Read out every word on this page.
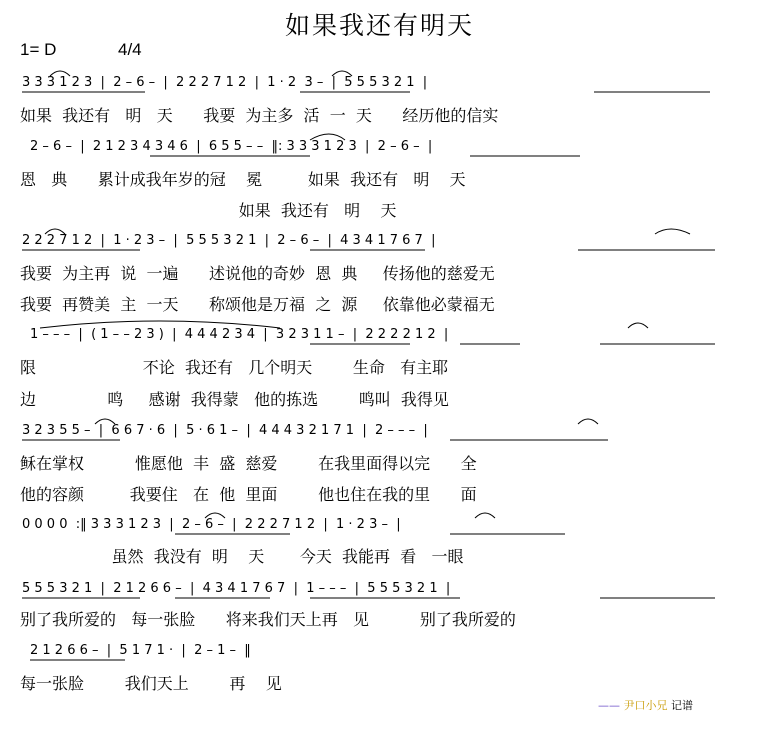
如果我还有明天
1= D	4/4
3 3 3 1 2 3  |  2 – 6 –  |  2 2 2 7 1 2  |  1 · 2  3 –  |  5 5 5 3 2 1  |
2 – 6 –  |  2 1 2 3 4 3 4 6  |  6 5 5 – –  ‖: 3 3 3 1 2 3  |  2 – 6 –  |
2 2 2 7 1 2  |  1 · 2 3 –  |  5 5 5 3 2 1  |  2 – 6 –  |  4 3 4 1 7 6 7  |
1 – – –  |  ( 1 – – 2 3 )  |  4 4 4 2 3 4  |  3 2 3 1 1 –  |  2 2 2 2 1 2  |
3 2 3 5 5 –  |  6 6 7 · 6  |  5 · 6 1 –  |  4 4 4 3 2 1 7 1  |  2 – – –  |
0 0 0 0  :‖ 3 3 3 1 2 3  |  2 – 6 –  |  2 2 2 7 1 2  |  1 · 2 3 –  |
5 5 5 3 2 1  |  2 1 2 6 6 –  |  4 3 4 1 7 6 7  |  1 – – –  |  5 5 5 3 2 1  |
2 1 2 6 6 –  |  5 1 7 1 ·  |  2 – 1 –  ‖
如果  我还有   明   天      我要  为主多  活  一  天      经历他的信实
恩   典      累计成我年岁的冠    冕         如果  我还有   明    天
如果  我还有   明    天
我要  为主再  说  一遍      述说他的奇妙  恩  典     传扬他的慈爱无
我要  再赞美  主  一天      称颂他是万福  之  源     依靠他必蒙福无
限                     不论  我还有   几个明天        生命   有主耶
边              鸣     感谢  我得蒙   他的拣选        鸣叫  我得见
稣在掌权          惟愿他  丰  盛  慈爱        在我里面得以完      全
他的容颜         我要住   在  他  里面        他也住在我的里      面
虽然  我没有  明    天       今天  我能再  看   一眼
别了我所爱的   每一张脸      将来我们天上再   见          别了我所爱的
每一张脸        我们天上        再    见
—— 尹口小兄 记谱
